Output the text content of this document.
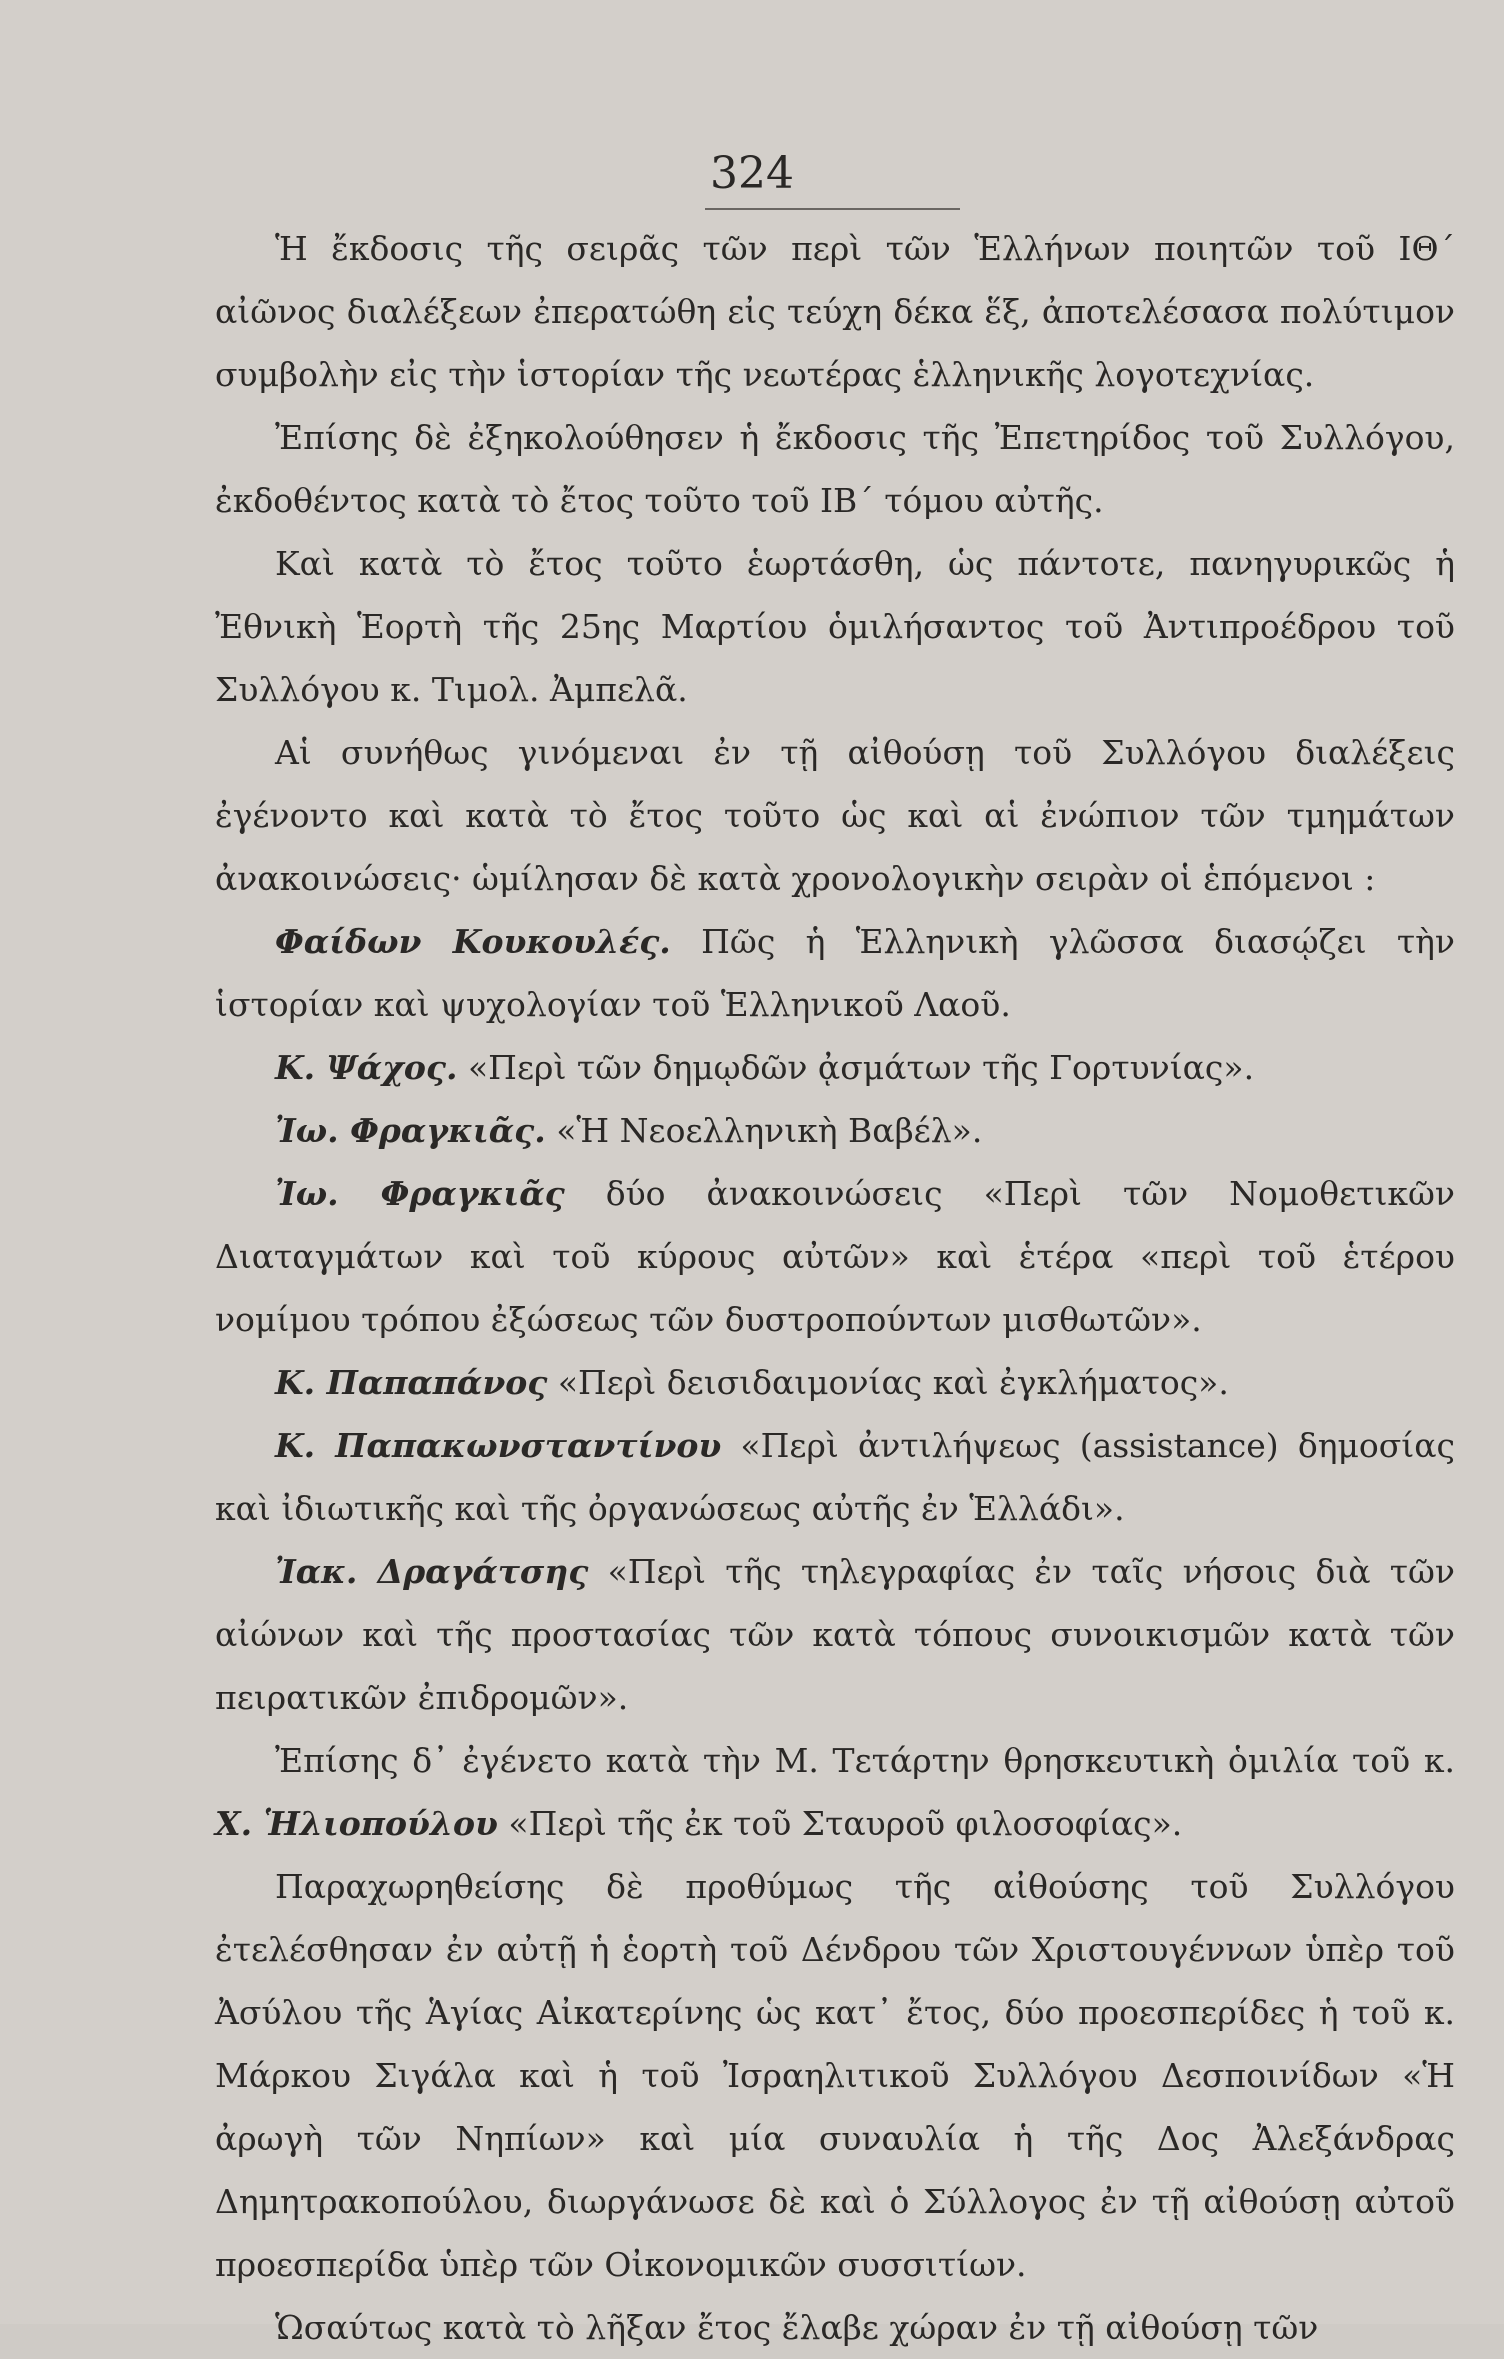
324

Ἡ ἔκδοσις τῆς σειρᾶς τῶν περὶ τῶν Ἑλλήνων ποιητῶν τοῦ ΙΘ΄ αἰῶνος διαλέξεων ἐπερατώθη εἰς τεύχη δέκα ἕξ, ἀποτελέσασα πολύτιμον συμβολὴν εἰς τὴν ἱστορίαν τῆς νεωτέρας ἑλληνικῆς λογοτεχνίας.

Ἐπίσης δὲ ἐξηκολούθησεν ἡ ἔκδοσις τῆς Ἐπετηρίδος τοῦ Συλλόγου, ἐκδοθέντος κατὰ τὸ ἔτος τοῦτο τοῦ ΙΒ΄ τόμου αὐτῆς.

Καὶ κατὰ τὸ ἔτος τοῦτο ἑωρτάσθη, ὡς πάντοτε, πανηγυρικῶς ἡ Ἐθνικὴ Ἑορτὴ τῆς 25ης Μαρτίου ὁμιλήσαντος τοῦ Ἀντιπροέδρου τοῦ Συλλόγου κ. Τιμολ. Ἀμπελᾶ.

Αἱ συνήθως γινόμεναι ἐν τῇ αἰθούσῃ τοῦ Συλλόγου διαλέξεις ἐγένοντο καὶ κατὰ τὸ ἔτος τοῦτο ὡς καὶ αἱ ἐνώπιον τῶν τμημάτων ἀνακοινώσεις· ὡμίλησαν δὲ κατὰ χρονολογικὴν σειρὰν οἱ ἑπόμενοι :

Φαίδων Κουκουλές. Πῶς ἡ Ἑλληνικὴ γλῶσσα διασῴζει τὴν ἱστορίαν καὶ ψυχολογίαν τοῦ Ἑλληνικοῦ Λαοῦ.

Κ. Ψάχος. «Περὶ τῶν δημῳδῶν ᾀσμάτων τῆς Γορτυνίας».

Ἰω. Φραγκιᾶς. «Ἡ Νεοελληνικὴ Βαβέλ».

Ἰω. Φραγκιᾶς δύο ἀνακοινώσεις «Περὶ τῶν Νομοθετικῶν Διαταγμάτων καὶ τοῦ κύρους αὐτῶν» καὶ ἑτέρα «περὶ τοῦ ἑτέρου νομίμου τρόπου ἐξώσεως τῶν δυστροπούντων μισθωτῶν».

Κ. Παπαπάνος «Περὶ δεισιδαιμονίας καὶ ἐγκλήματος».

Κ. Παπακωνσταντίνου «Περὶ ἀντιλήψεως (assistance) δημοσίας καὶ ἰδιωτικῆς καὶ τῆς ὀργανώσεως αὐτῆς ἐν Ἑλλάδι».

Ἰακ. Δραγάτσης «Περὶ τῆς τηλεγραφίας ἐν ταῖς νήσοις διὰ τῶν αἰώνων καὶ τῆς προστασίας τῶν κατὰ τόπους συνοικισμῶν κατὰ τῶν πειρατικῶν ἐπιδρομῶν».

Ἐπίσης δ᾽ ἐγένετο κατὰ τὴν Μ. Τετάρτην θρησκευτικὴ ὁμιλία τοῦ κ. Χ. Ἡλιοπούλου «Περὶ τῆς ἐκ τοῦ Σταυροῦ φιλοσοφίας».

Παραχωρηθείσης δὲ προθύμως τῆς αἰθούσης τοῦ Συλλόγου ἐτελέσθησαν ἐν αὐτῇ ἡ ἑορτὴ τοῦ Δένδρου τῶν Χριστουγέννων ὑπὲρ τοῦ Ἀσύλου τῆς Ἁγίας Αἰκατερίνης ὡς κατ᾽ ἔτος, δύο προεσπερίδες ἡ τοῦ κ. Μάρκου Σιγάλα καὶ ἡ τοῦ Ἰσραηλιτικοῦ Συλλόγου Δεσποινίδων «Ἡ ἀρωγὴ τῶν Νηπίων» καὶ μία συναυλία ἡ τῆς Δος Ἀλεξάνδρας Δημητρακοπούλου, διωργάνωσε δὲ καὶ ὁ Σύλλογος ἐν τῇ αἰθούσῃ αὐτοῦ προεσπερίδα ὑπὲρ τῶν Οἰκονομικῶν συσσιτίων.

Ὡσαύτως κατὰ τὸ λῆξαν ἔτος ἔλαβε χώραν ἐν τῇ αἰθούσῃ τῶν
